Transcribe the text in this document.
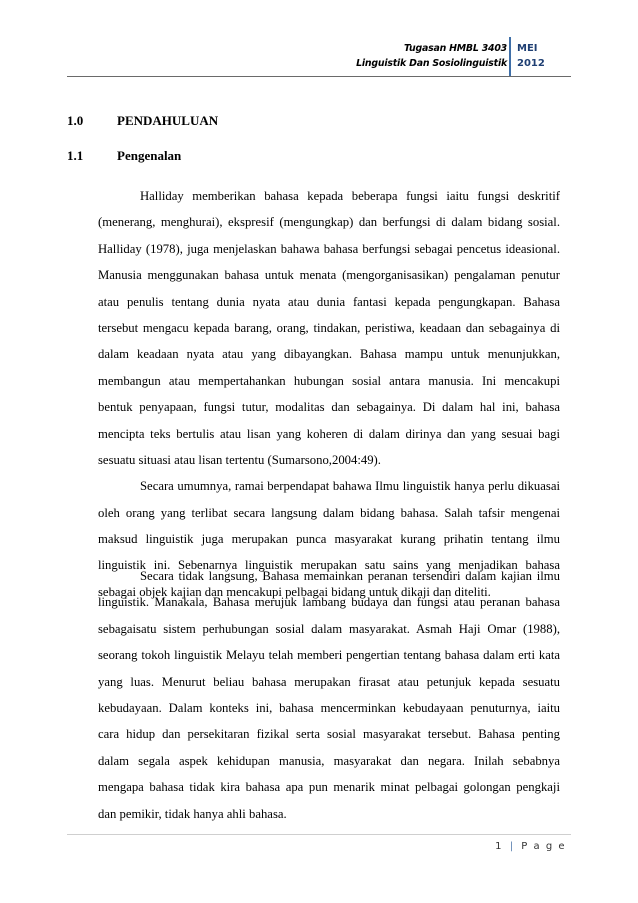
Tugasan HMBL 3403
Linguistik Dan Sosiolinguistik
MEI
2012
1.0	PENDAHULUAN
1.1	Pengenalan

Halliday memberikan bahasa kepada beberapa fungsi iaitu fungsi deskritif

(menerang, menghurai), ekspresif (mengungkap) dan berfungsi di dalam bidang sosial.

Halliday (1978), juga menjelaskan bahawa bahasa berfungsi sebagai pencetus ideasional.

Manusia menggunakan bahasa untuk menata (mengorganisasikan) pengalaman penutur

atau penulis tentang dunia nyata atau dunia fantasi kepada pengungkapan. Bahasa

tersebut mengacu kepada barang, orang, tindakan, peristiwa, keadaan dan sebagainya di

dalam keadaan nyata atau yang dibayangkan. Bahasa mampu untuk menunjukkan,

membangun atau mempertahankan hubungan sosial antara manusia. Ini mencakupi

bentuk penyapaan, fungsi tutur, modalitas dan sebagainya. Di dalam hal ini, bahasa

mencipta teks bertulis atau lisan yang koheren di dalam dirinya dan yang sesuai bagi

sesuatu situasi atau lisan tertentu (Sumarsono,2004:49).

Secara umumnya, ramai berpendapat bahawa Ilmu linguistik hanya perlu dikuasai

oleh orang yang terlibat secara langsung dalam bidang bahasa. Salah tafsir mengenai

maksud linguistik juga merupakan punca masyarakat kurang prihatin tentang ilmu

linguistik ini. Sebenarnya linguistik merupakan satu sains yang menjadikan bahasa

sebagai objek kajian dan mencakupi pelbagai bidang untuk dikaji dan diteliti.

Secara tidak langsung, Bahasa memainkan peranan tersendiri dalam kajian ilmu

linguistik. Manakala, Bahasa merujuk lambang budaya dan fungsi atau peranan bahasa

sebagaisatu sistem perhubungan sosial dalam masyarakat. Asmah Haji Omar (1988),

seorang tokoh linguistik Melayu telah memberi pengertian tentang bahasa dalam erti kata

yang luas. Menurut beliau bahasa merupakan firasat atau petunjuk kepada sesuatu

kebudayaan. Dalam konteks ini, bahasa mencerminkan kebudayaan penuturnya, iaitu

cara hidup dan persekitaran fizikal serta sosial masyarakat tersebut. Bahasa penting

dalam segala aspek kehidupan manusia, masyarakat dan negara. Inilah sebabnya

mengapa bahasa tidak kira bahasa apa pun menarik minat pelbagai golongan pengkaji

dan pemikir, tidak hanya ahli bahasa.

1 | P a g e
